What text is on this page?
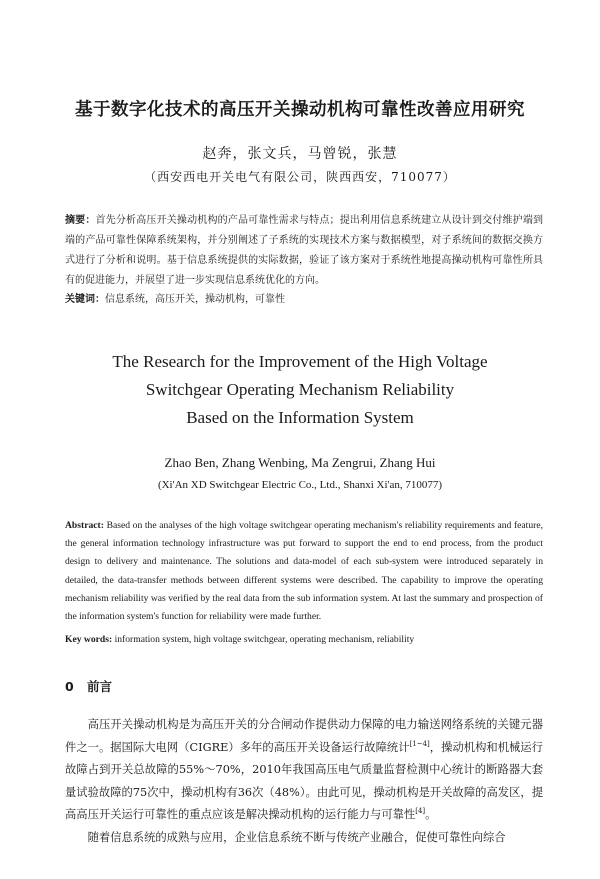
基于数字化技术的高压开关操动机构可靠性改善应用研究
赵奔，张文兵，马曾锐，张慧
（西安西电开关电气有限公司，陕西西安，710077）
摘要：首先分析高压开关操动机构的产品可靠性需求与特点；提出利用信息系统建立从设计到交付维护端到端的产品可靠性保障系统架构，并分别阐述了子系统的实现技术方案与数据模型，对子系统间的数据交换方式进行了分析和说明。基于信息系统提供的实际数据，验证了该方案对于系统性地提高操动机构可靠性所具有的促进能力，并展望了进一步实现信息系统优化的方向。
关键词：信息系统，高压开关，操动机构，可靠性
The Research for the Improvement of the High Voltage
Switchgear Operating Mechanism Reliability
Based on the Information System
Zhao Ben, Zhang Wenbing, Ma Zengrui, Zhang Hui
(Xi'An XD Switchgear Electric Co., Ltd., Shanxi Xi'an, 710077)
Abstract: Based on the analyses of the high voltage switchgear operating mechanism's reliability requirements and feature, the general information technology infrastructure was put forward to support the end to end process, from the product design to delivery and maintenance. The solutions and data-model of each sub-system were introduced separately in detailed, the data-transfer methods between different systems were described. The capability to improve the operating mechanism reliability was verified by the real data from the sub information system. At last the summary and prospection of the information system's function for reliability were made further.
Key words: information system, high voltage switchgear, operating mechanism, reliability
0 前言

高压开关操动机构是为高压开关的分合闸动作提供动力保障的电力输送网络系统的关键元器件之一。据国际大电网（CIGRE）多年的高压开关设备运行故障统计[1~4]，操动机构和机械运行故障占到开关总故障的55%～70%，2010年我国高压电气质量监督检测中心统计的断路器大套量试验故障的75次中，操动机构有36次（48%）。由此可见，操动机构是开关故障的高发区，提高高压开关运行可靠性的重点应该是解决操动机构的运行能力与可靠性[4]。

随着信息系统的成熟与应用，企业信息系统不断与传统产业融合，促使可靠性向综合
